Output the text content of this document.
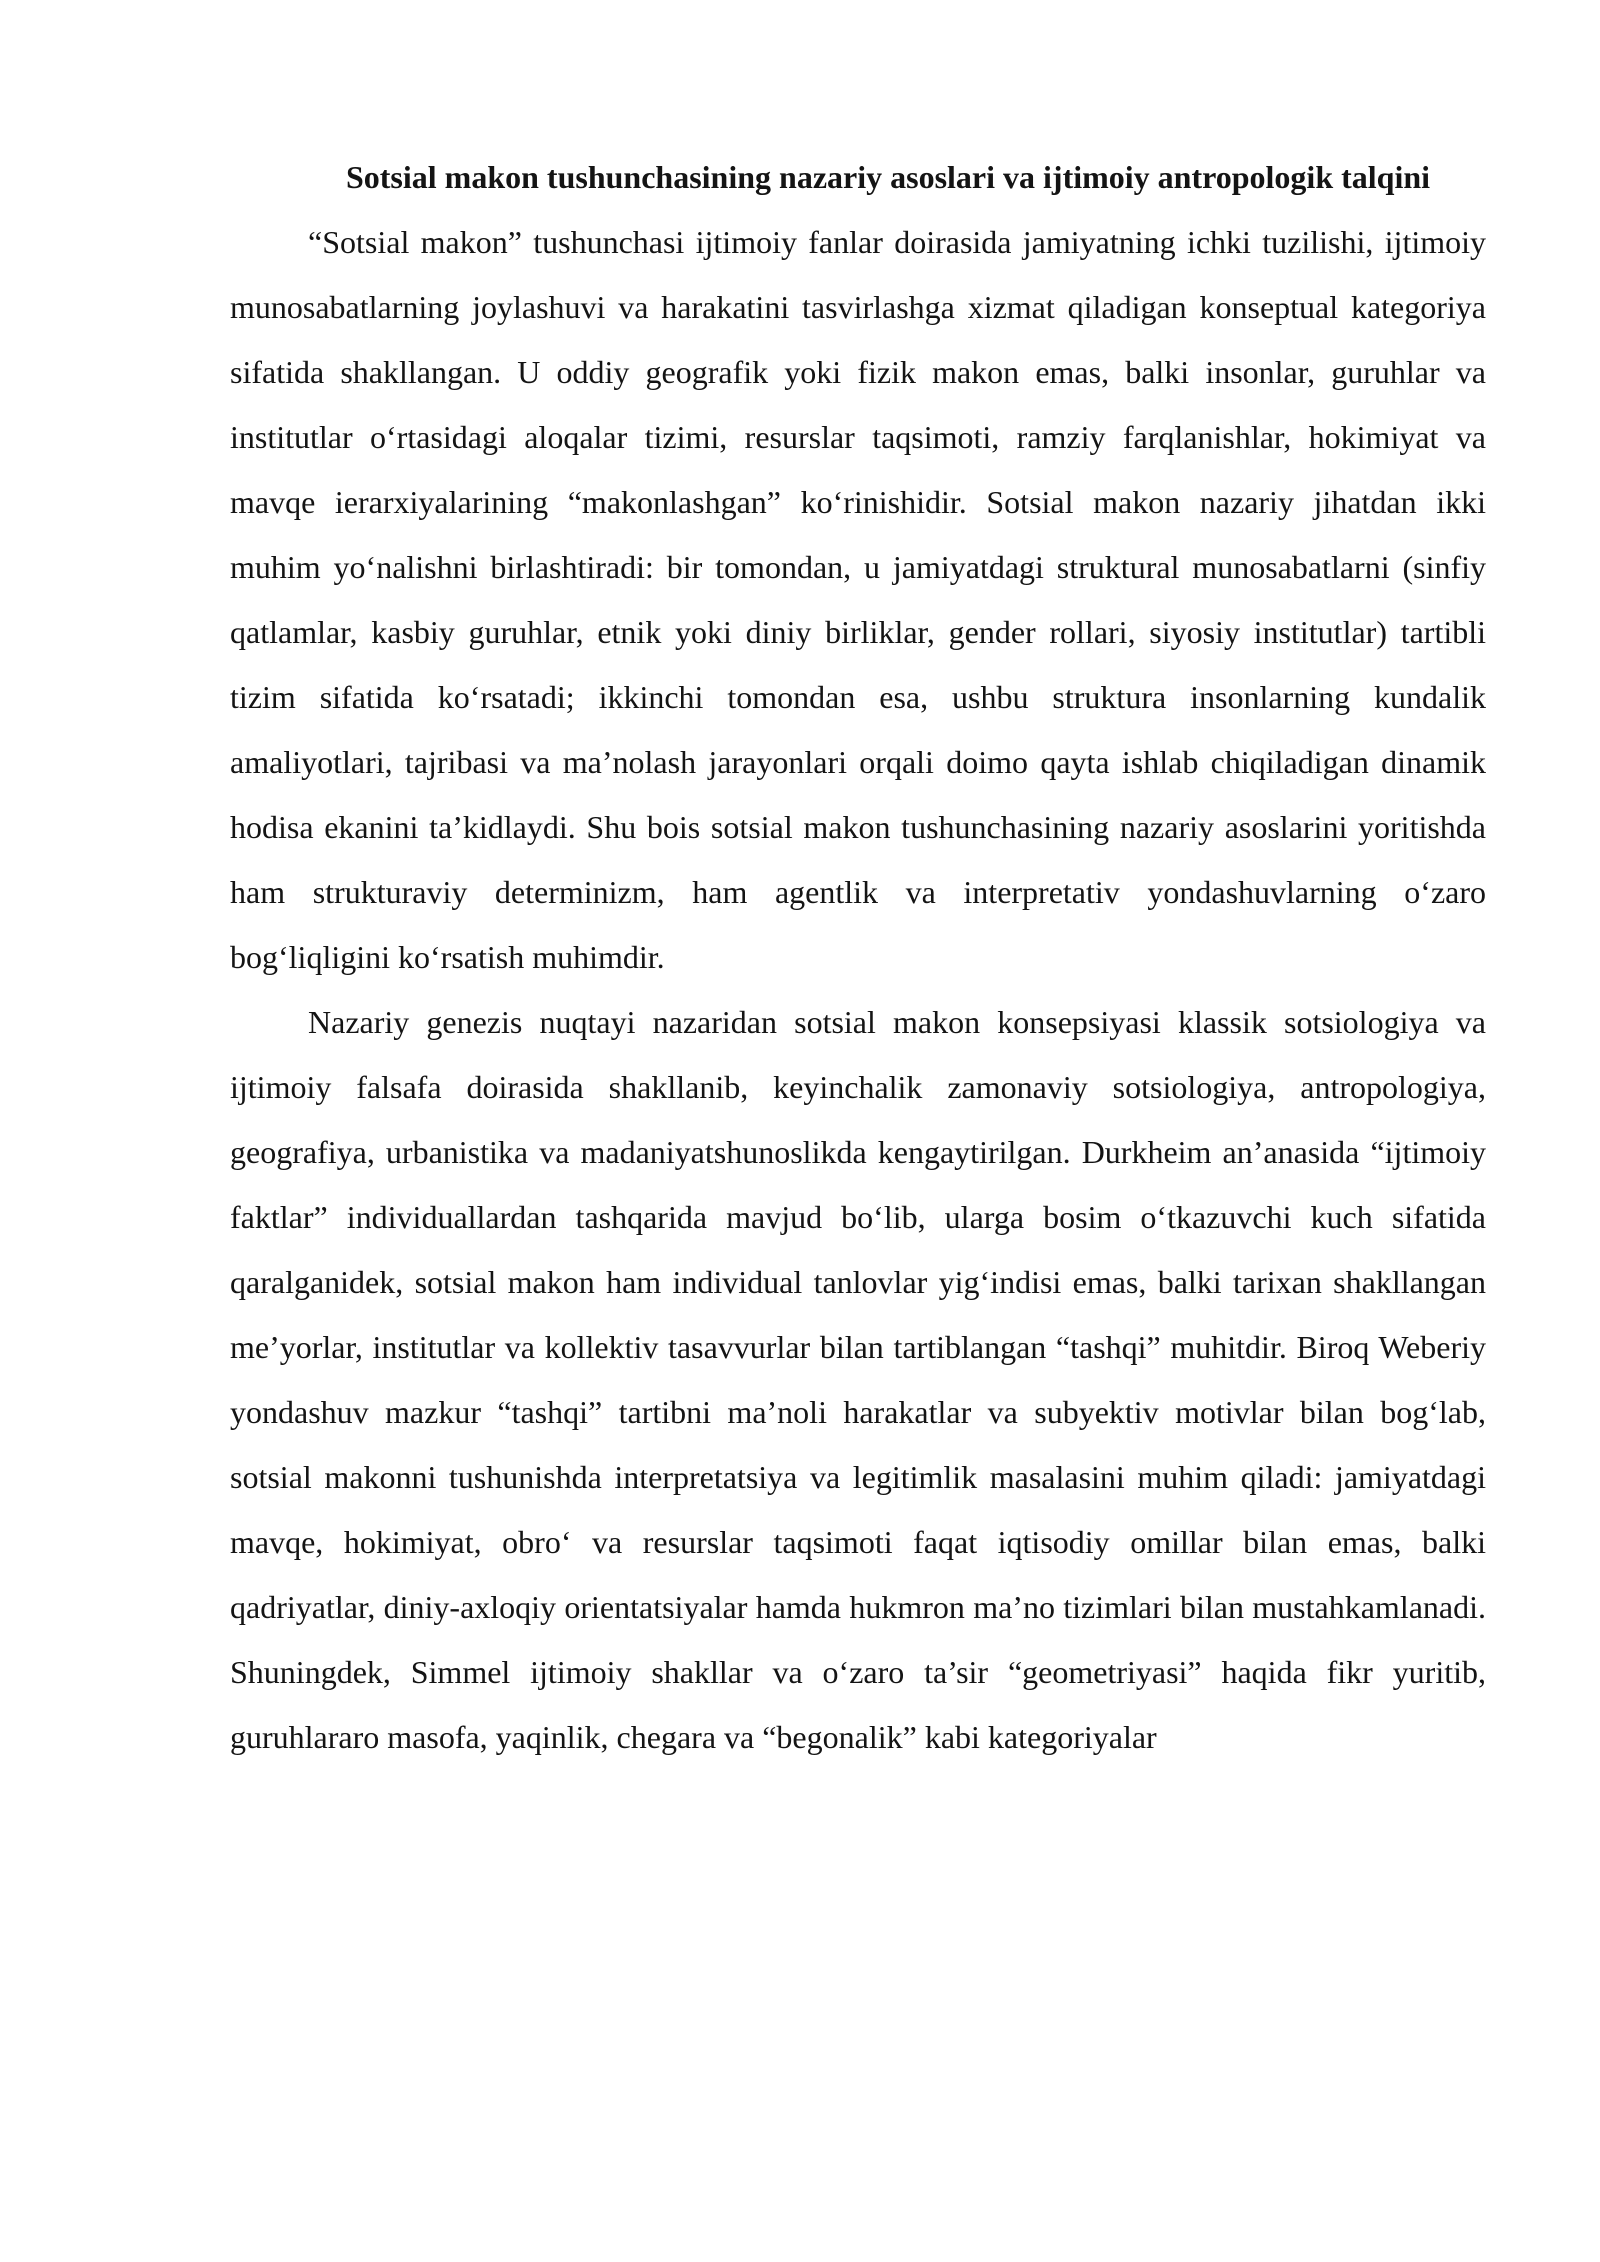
Sotsial makon tushunchasining nazariy asoslari va ijtimoiy antropologik talqini

“Sotsial makon” tushunchasi ijtimoiy fanlar doirasida jamiyatning ichki tuzilishi, ijtimoiy munosabatlarning joylashuvi va harakatini tasvirlashga xizmat qiladigan konseptual kategoriya sifatida shakllangan. U oddiy geografik yoki fizik makon emas, balki insonlar, guruhlar va institutlar o‘rtasidagi aloqalar tizimi, resurslar taqsimoti, ramziy farqlanishlar, hokimiyat va mavqe ierarxiyalarining “makonlashgan” ko‘rinishidir. Sotsial makon nazariy jihatdan ikki muhim yo‘nalishni birlashtiradi: bir tomondan, u jamiyatdagi struktural munosabatlarni (sinfiy qatlamlar, kasbiy guruhlar, etnik yoki diniy birliklar, gender rollari, siyosiy institutlar) tartibli tizim sifatida ko‘rsatadi; ikkinchi tomondan esa, ushbu struktura insonlarning kundalik amaliyotlari, tajribasi va ma’nolash jarayonlari orqali doimo qayta ishlab chiqiladigan dinamik hodisa ekanini ta’kidlaydi. Shu bois sotsial makon tushunchasining nazariy asoslarini yoritishda ham strukturaviy determinizm, ham agentlik va interpretativ yondashuvlarning o‘zaro bog‘liqligini ko‘rsatish muhimdir.

Nazariy genezis nuqtayi nazaridan sotsial makon konsepsiyasi klassik sotsiologiya va ijtimoiy falsafa doirasida shakllanib, keyinchalik zamonaviy sotsiologiya, antropologiya, geografiya, urbanistika va madaniyatshunoslikda kengaytirilgan. Durkheim an’anasida “ijtimoiy faktlar” individuallardan tashqarida mavjud bo‘lib, ularga bosim o‘tkazuvchi kuch sifatida qaralganidek, sotsial makon ham individual tanlovlar yig‘indisi emas, balki tarixan shakllangan me’yorlar, institutlar va kollektiv tasavvurlar bilan tartiblangan “tashqi” muhitdir. Biroq Weberiy yondashuv mazkur “tashqi” tartibni ma’noli harakatlar va subyektiv motivlar bilan bog‘lab, sotsial makonni tushunishda interpretatsiya va legitimlik masalasini muhim qiladi: jamiyatdagi mavqe, hokimiyat, obro‘ va resurslar taqsimoti faqat iqtisodiy omillar bilan emas, balki qadriyatlar, diniy-axloqiy orientatsiyalar hamda hukmron ma’no tizimlari bilan mustahkamlanadi. Shuningdek, Simmel ijtimoiy shakllar va o‘zaro ta’sir “geometriyasi” haqida fikr yuritib, guruhlararo masofa, yaqinlik, chegara va “begonalik” kabi kategoriyalar
